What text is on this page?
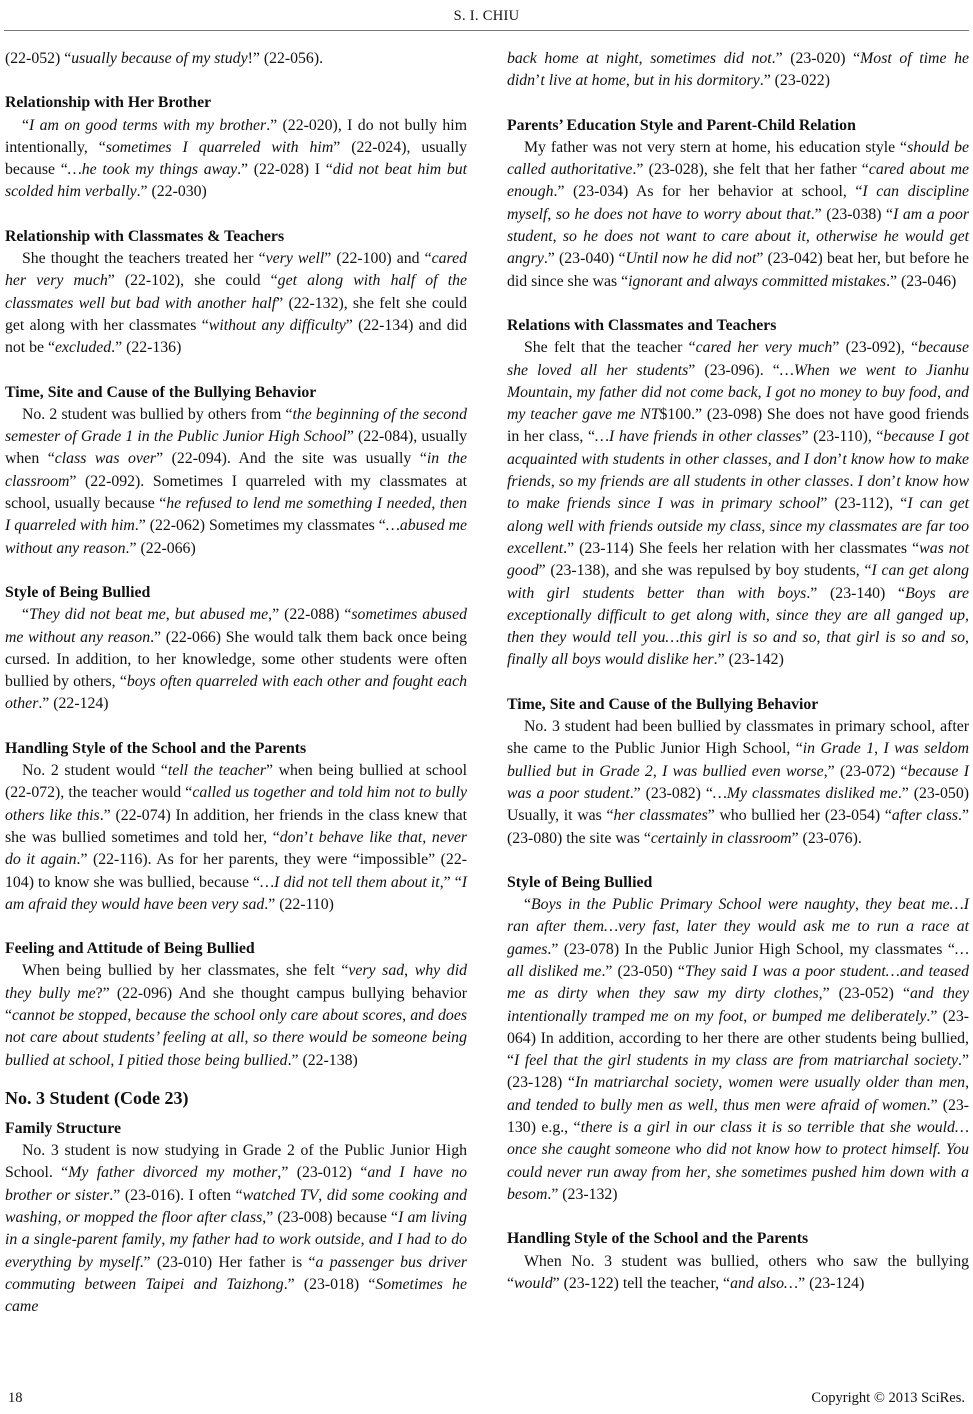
S. I. CHIU

(22-052) “usually because of my study!” (22-056).

Relationship with Her Brother

“I am on good terms with my brother.” (22-020), I do not bully him intentionally, “sometimes I quarreled with him” (22-024), usually because “…he took my things away.” (22-028) I “did not beat him but scolded him verbally.” (22-030)

Relationship with Classmates & Teachers

She thought the teachers treated her “very well” (22-100) and “cared her very much” (22-102), she could “get along with half of the classmates well but bad with another half” (22-132), she felt she could get along with her classmates “without any difficulty” (22-134) and did not be “excluded.” (22-136)

Time, Site and Cause of the Bullying Behavior

No. 2 student was bullied by others from “the beginning of the second semester of Grade 1 in the Public Junior High School” (22-084), usually when “class was over” (22-094). And the site was usually “in the classroom” (22-092). Sometimes I quarreled with my classmates at school, usually because “he refused to lend me something I needed, then I quarreled with him.” (22-062) Sometimes my classmates “…abused me without any reason.” (22-066)

Style of Being Bullied

“They did not beat me, but abused me,” (22-088) “sometimes abused me without any reason.” (22-066) She would talk them back once being cursed. In addition, to her knowledge, some other students were often bullied by others, “boys often quarreled with each other and fought each other.” (22-124)

Handling Style of the School and the Parents

No. 2 student would “tell the teacher” when being bullied at school (22-072), the teacher would “called us together and told him not to bully others like this.” (22-074) In addition, her friends in the class knew that she was bullied sometimes and told her, “don’t behave like that, never do it again.” (22-116). As for her parents, they were “impossible” (22-104) to know she was bullied, because “…I did not tell them about it,” “I am afraid they would have been very sad.” (22-110)

Feeling and Attitude of Being Bullied

When being bullied by her classmates, she felt “very sad, why did they bully me?” (22-096) And she thought campus bullying behavior “cannot be stopped, because the school only care about scores, and does not care about students’ feeling at all, so there would be someone being bullied at school, I pitied those being bullied.” (22-138)

No. 3 Student (Code 23)
Family Structure

No. 3 student is now studying in Grade 2 of the Public Junior High School. “My father divorced my mother,” (23-012) “and I have no brother or sister.” (23-016). I often “watched TV, did some cooking and washing, or mopped the floor after class,” (23-008) because “I am living in a single-parent family, my father had to work outside, and I had to do everything by myself.” (23-010) Her father is “a passenger bus driver commuting between Taipei and Taizhong.” (23-018) “Sometimes he came

back home at night, sometimes did not.” (23-020) “Most of time he didn’t live at home, but in his dormitory.” (23-022)

Parents’ Education Style and Parent-Child Relation

My father was not very stern at home, his education style “should be called authoritative.” (23-028), she felt that her father “cared about me enough.” (23-034) As for her behavior at school, “I can discipline myself, so he does not have to worry about that.” (23-038) “I am a poor student, so he does not want to care about it, otherwise he would get angry.” (23-040) “Until now he did not” (23-042) beat her, but before he did since she was “ignorant and always committed mistakes.” (23-046)

Relations with Classmates and Teachers

She felt that the teacher “cared her very much” (23-092), “because she loved all her students” (23-096). “…When we went to Jianhu Mountain, my father did not come back, I got no money to buy food, and my teacher gave me NT$100.” (23-098) She does not have good friends in her class, “…I have friends in other classes” (23-110), “because I got acquainted with students in other classes, and I don’t know how to make friends, so my friends are all students in other classes. I don’t know how to make friends since I was in primary school” (23-112), “I can get along well with friends outside my class, since my classmates are far too excellent.” (23-114) She feels her relation with her classmates “was not good” (23-138), and she was repulsed by boy students, “I can get along with girl students better than with boys.” (23-140) “Boys are exceptionally difficult to get along with, since they are all ganged up, then they would tell you…this girl is so and so, that girl is so and so, finally all boys would dislike her.” (23-142)

Time, Site and Cause of the Bullying Behavior

No. 3 student had been bullied by classmates in primary school, after she came to the Public Junior High School, “in Grade 1, I was seldom bullied but in Grade 2, I was bullied even worse,” (23-072) “because I was a poor student.” (23-082) “…My classmates disliked me.” (23-050) Usually, it was “her classmates” who bullied her (23-054) “after class.” (23-080) the site was “certainly in classroom” (23-076).

Style of Being Bullied

“Boys in the Public Primary School were naughty, they beat me…I ran after them…very fast, later they would ask me to run a race at games.” (23-078) In the Public Junior High School, my classmates “…all disliked me.” (23-050) “They said I was a poor student…and teased me as dirty when they saw my dirty clothes,” (23-052) “and they intentionally tramped me on my foot, or bumped me deliberately.” (23-064) In addition, according to her there are other students being bullied, “I feel that the girl students in my class are from matriarchal society.” (23-128) “In matriarchal society, women were usually older than men, and tended to bully men as well, thus men were afraid of women.” (23-130) e.g., “there is a girl in our class it is so terrible that she would…once she caught someone who did not know how to protect himself. You could never run away from her, she sometimes pushed him down with a besom.” (23-132)

Handling Style of the School and the Parents

When No. 3 student was bullied, others who saw the bullying “would” (23-122) tell the teacher, “and also…” (23-124)

18	Copyright © 2013 SciRes.
